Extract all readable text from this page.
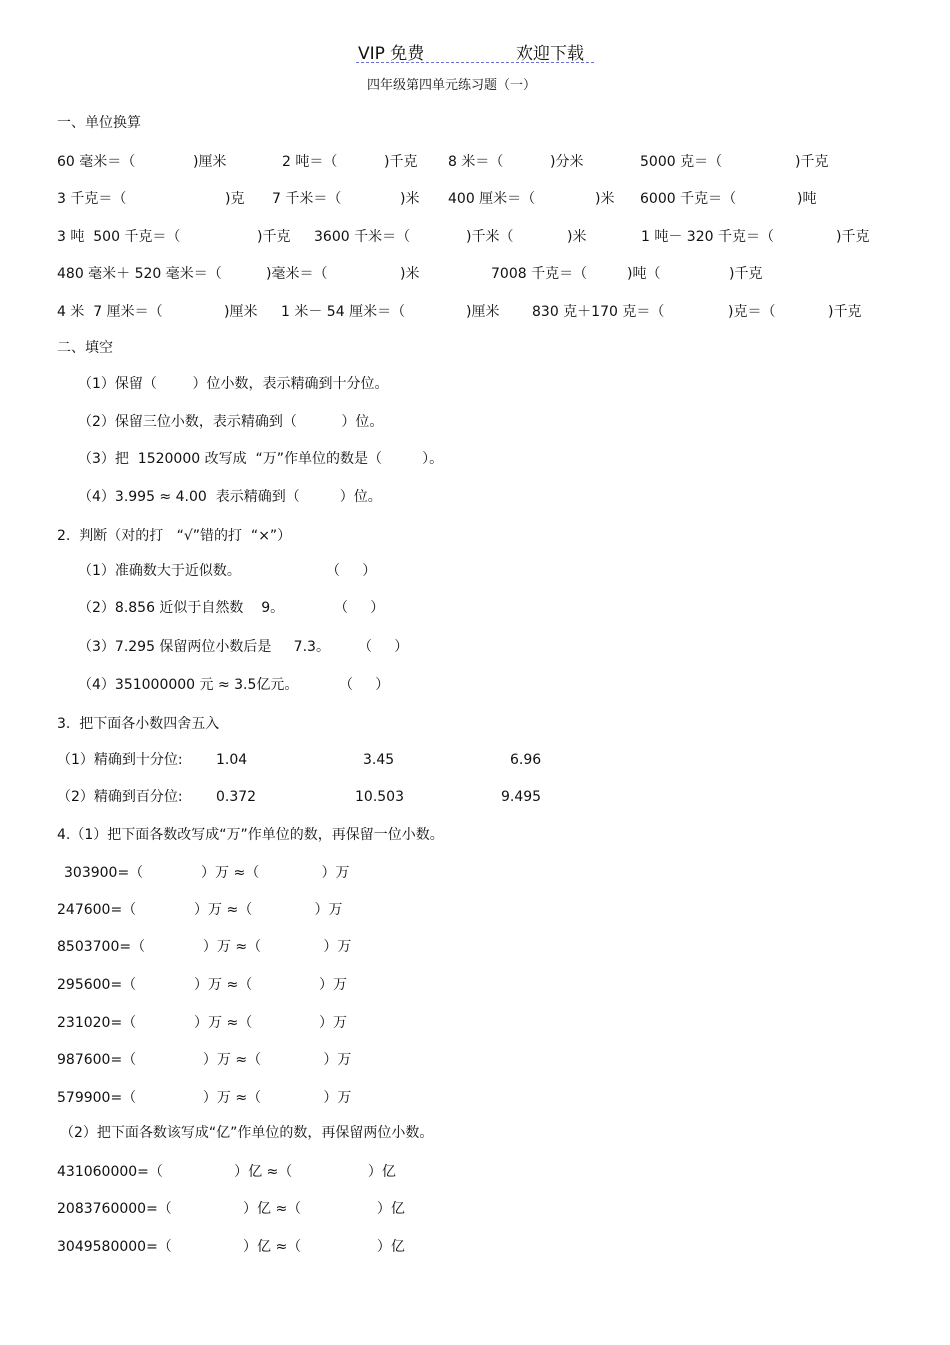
VIP 免费	欢迎下载
四年级第四单元练习题（一）
一、单位换算
60 毫米＝（	)厘米	2 吨＝（	)千克 8 米＝（	)分米	5000 克＝（	)千克
3 千克＝（	)克 7 千米＝（	)米 400 厘米＝（	)米 6000 千克＝（	)吨
3 吨  500 千克＝（	)千克 3600 千米＝（	)千米（	)米	1 吨－ 320 千克＝（	)千克
480 毫米＋ 520 毫米＝（	)毫米＝（	)米	7008 千克＝（	)吨（	)千克
4 米  7 厘米＝（	)厘米 1 米－ 54 厘米＝（	)厘米 830 克＋170 克＝（	)克＝（	)千克
二、填空
（1）保留（        ）位小数，表示精确到十分位。
（2）保留三位小数，表示精确到（          ）位。
（3）把  1520000 改写成  “万”作单位的数是（         ）。
（4）3.995 ≈ 4.00  表示精确到（         ）位。
2.  判断（对的打   “√”错的打  “×”）
（1）准确数大于近似数。	（     ）
（2）8.856 近似于自然数    9。	（     ）
（3）7.295 保留两位小数后是     7.3。 （     ）
（4）351000000 元 ≈ 3.5亿元。	（     ）
3.  把下面各小数四舍五入
（1）精确到十分位: 1.04	3.45	6.96
（2）精确到百分位: 0.372	10.503	9.495
4.（1）把下面各数改写成“万”作单位的数，再保留一位小数。
303900=（             ）万 ≈（              ）万
247600=（             ）万 ≈（              ）万
8503700=（             ）万 ≈（              ）万
295600=（             ）万 ≈（               ）万
231020=（             ）万 ≈（               ）万
987600=（               ）万 ≈（              ）万
579900=（               ）万 ≈（              ）万
（2）把下面各数该写成“亿”作单位的数，再保留两位小数。
431060000=（                ）亿 ≈（                 ）亿
2083760000=（                ）亿 ≈（                 ）亿
3049580000=（                ）亿 ≈（                 ）亿
